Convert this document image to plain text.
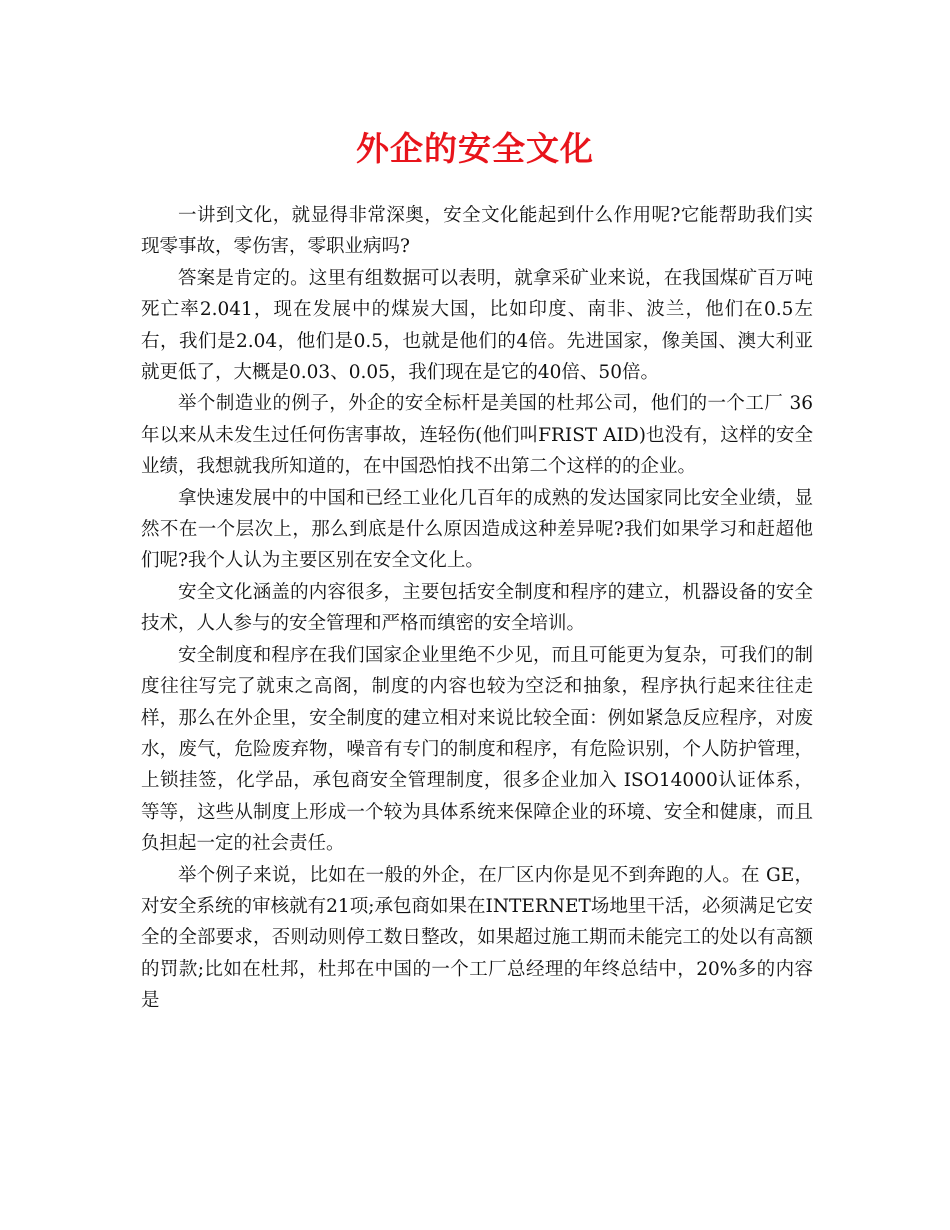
外企的安全文化

一讲到文化，就显得非常深奥，安全文化能起到什么作用呢?它能帮助我们实现零事故，零伤害，零职业病吗?

答案是肯定的。这里有组数据可以表明，就拿采矿业来说，在我国煤矿百万吨死亡率2.041，现在发展中的煤炭大国，比如印度、南非、波兰，他们在0.5左右，我们是2.04，他们是0.5，也就是他们的4倍。先进国家，像美国、澳大利亚就更低了，大概是0.03、0.05，我们现在是它的40倍、50倍。

举个制造业的例子，外企的安全标杆是美国的杜邦公司，他们的一个工厂 36年以来从未发生过任何伤害事故，连轻伤(他们叫FRIST AID)也没有，这样的安全业绩，我想就我所知道的，在中国恐怕找不出第二个这样的的企业。

拿快速发展中的中国和已经工业化几百年的成熟的发达国家同比安全业绩，显然不在一个层次上，那么到底是什么原因造成这种差异呢?我们如果学习和赶超他们呢?我个人认为主要区别在安全文化上。

安全文化涵盖的内容很多，主要包括安全制度和程序的建立，机器设备的安全技术，人人参与的安全管理和严格而缜密的安全培训。

安全制度和程序在我们国家企业里绝不少见，而且可能更为复杂，可我们的制度往往写完了就束之高阁，制度的内容也较为空泛和抽象，程序执行起来往往走样，那么在外企里，安全制度的建立相对来说比较全面：例如紧急反应程序，对废水，废气，危险废弃物，噪音有专门的制度和程序，有危险识别，个人防护管理，上锁挂签，化学品，承包商安全管理制度，很多企业加入 ISO14000认证体系，等等，这些从制度上形成一个较为具体系统来保障企业的环境、安全和健康，而且负担起一定的社会责任。

举个例子来说，比如在一般的外企，在厂区内你是见不到奔跑的人。在 GE，对安全系统的审核就有21项;承包商如果在INTERNET场地里干活，必须满足它安全的全部要求，否则动则停工数日整改，如果超过施工期而未能完工的处以有高额的罚款;比如在杜邦，杜邦在中国的一个工厂总经理的年终总结中，20%多的内容是
